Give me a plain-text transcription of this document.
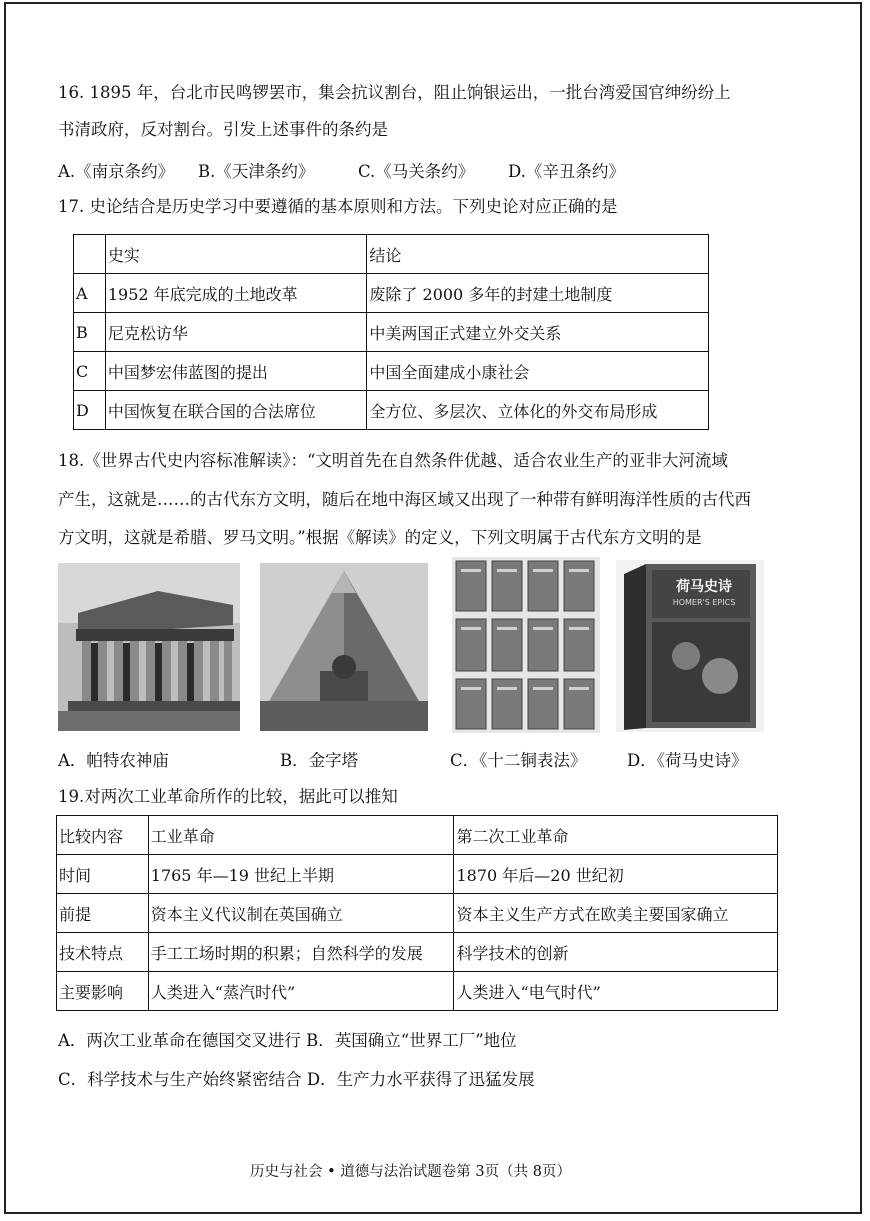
16. 1895 年，台北市民鸣锣罢市，集会抗议割台，阻止饷银运出，一批台湾爱国官绅纷纷上
书清政府，反对割台。引发上述事件的条约是
A.《南京条约》 B.《天津条约》	C.《马关条约》 D.《辛丑条约》
17. 史论结合是历史学习中要遵循的基本原则和方法。下列史论对应正确的是
	史实	结论
A	1952 年底完成的土地改革	废除了 2000 多年的封建土地制度
B	尼克松访华	中美两国正式建立外交关系
C	中国梦宏伟蓝图的提出	中国全面建成小康社会
D	中国恢复在联合国的合法席位	全方位、多层次、立体化的外交布局形成
18.《世界古代史内容标准解读》：“文明首先在自然条件优越、适合农业生产的亚非大河流域
产生，这就是……的古代东方文明，随后在地中海区域又出现了一种带有鲜明海洋性质的古代西
方文明，这就是希腊、罗马文明。”根据《解读》的定义，下列文明属于古代东方文明的是
荷马史诗
HOMER'S EPICS
A．帕特农神庙	B．金字塔	C．《十二铜表法》 D．《荷马史诗》
19.对两次工业革命所作的比较，据此可以推知
比较内容	工业革命	第二次工业革命
时间	1765 年—19 世纪上半期	1870 年后—20 世纪初
前提	资本主义代议制在英国确立	资本主义生产方式在欧美主要国家确立
技术特点	手工工场时期的积累；自然科学的发展	科学技术的创新
主要影响	人类进入“蒸汽时代”	人类进入“电气时代”
A．两次工业革命在德国交叉进行 B．英国确立“世界工厂”地位
C．科学技术与生产始终紧密结合 D．生产力水平获得了迅猛发展
历史与社会 • 道德与法治试题卷第 3页（共 8页）
